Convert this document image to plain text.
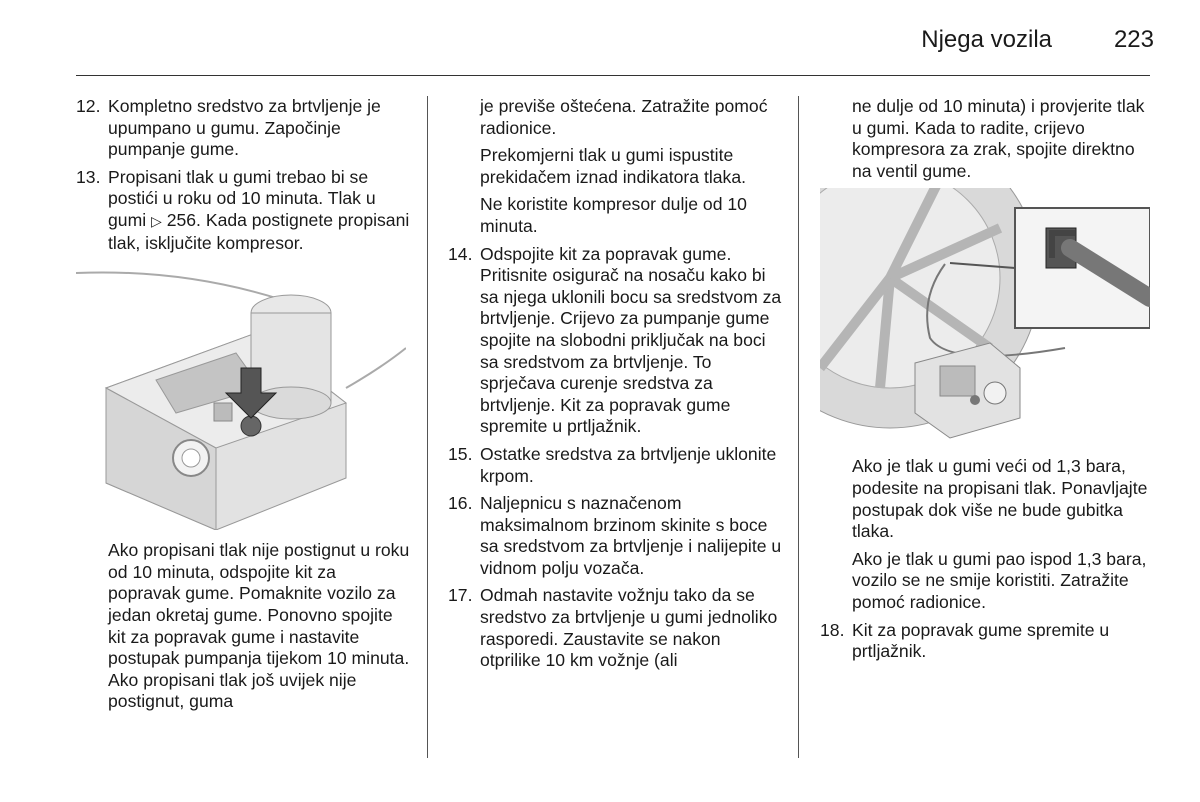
Njega vozila	223
12. Kompletno sredstvo za brtvljenje je upumpano u gumu. Započinje pumpanje gume.
13. Propisani tlak u gumi trebao bi se postići u roku od 10 minuta. Tlak u gumi ▷ 256. Kada postignete propisani tlak, isključite kompresor.
Ako propisani tlak nije postignut u roku od 10 minuta, odspojite kit za popravak gume. Pomaknite vozilo za jedan okretaj gume. Ponovno spojite kit za popravak gume i nastavite postupak pumpanja tijekom 10 minuta. Ako propisani tlak još uvijek nije postignut, guma
je previše oštećena. Zatražite pomoć radionice.
Prekomjerni tlak u gumi ispustite prekidačem iznad indikatora tlaka.
Ne koristite kompresor dulje od 10 minuta.
14. Odspojite kit za popravak gume. Pritisnite osigurač na nosaču kako bi sa njega uklonili bocu sa sredstvom za brtvljenje. Crijevo za pumpanje gume spojite na slobodni priključak na boci sa sredstvom za brtvljenje. To sprječava curenje sredstva za brtvljenje. Kit za popravak gume spremite u prtljažnik.
15. Ostatke sredstva za brtvljenje uklonite krpom.
16. Naljepnicu s naznačenom maksimalnom brzinom skinite s boce sa sredstvom za brtvljenje i nalijepite u vidnom polju vozača.
17. Odmah nastavite vožnju tako da se sredstvo za brtvljenje u gumi jednoliko rasporedi. Zaustavite se nakon otprilike 10 km vožnje (ali
ne dulje od 10 minuta) i provjerite tlak u gumi. Kada to radite, crijevo kompresora za zrak, spojite direktno na ventil gume.
Ako je tlak u gumi veći od 1,3 bara, podesite na propisani tlak. Ponavljajte postupak dok više ne bude gubitka tlaka.
Ako je tlak u gumi pao ispod 1,3 bara, vozilo se ne smije koristiti. Zatražite pomoć radionice.
18. Kit za popravak gume spremite u prtljažnik.
